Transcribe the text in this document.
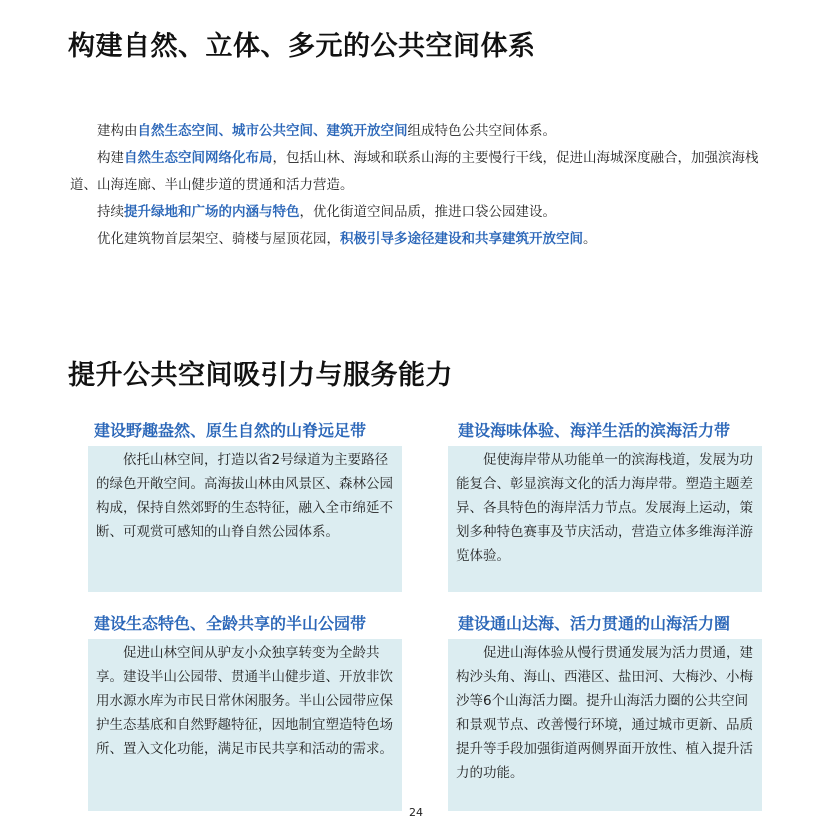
构建自然、立体、多元的公共空间体系

建构由自然生态空间、城市公共空间、建筑开放空间组成特色公共空间体系。

构建自然生态空间网络化布局，包括山林、海域和联系山海的主要慢行干线，促进山海城深度融合，加强滨海栈道、山海连廊、半山健步道的贯通和活力营造。

持续提升绿地和广场的内涵与特色，优化街道空间品质，推进口袋公园建设。

优化建筑物首层架空、骑楼与屋顶花园，积极引导多途径建设和共享建筑开放空间。

提升公共空间吸引力与服务能力
建设野趣盎然、原生自然的山脊远足带
依托山林空间，打造以省2号绿道为主要路径的绿色开敞空间。高海拔山林由风景区、森林公园构成，保持自然郊野的生态特征，融入全市绵延不断、可观赏可感知的山脊自然公园体系。
建设海味体验、海洋生活的滨海活力带
促使海岸带从功能单一的滨海栈道，发展为功能复合、彰显滨海文化的活力海岸带。塑造主题差异、各具特色的海岸活力节点。发展海上运动，策划多种特色赛事及节庆活动，营造立体多维海洋游览体验。
建设生态特色、全龄共享的半山公园带
促进山林空间从驴友小众独享转变为全龄共享。建设半山公园带、贯通半山健步道、开放非饮用水源水库为市民日常休闲服务。半山公园带应保护生态基底和自然野趣特征，因地制宜塑造特色场所、置入文化功能，满足市民共享和活动的需求。
建设通山达海、活力贯通的山海活力圈
促进山海体验从慢行贯通发展为活力贯通，建构沙头角、海山、西港区、盐田河、大梅沙、小梅沙等6个山海活力圈。提升山海活力圈的公共空间和景观节点、改善慢行环境，通过城市更新、品质提升等手段加强街道两侧界面开放性、植入提升活力的功能。
24
